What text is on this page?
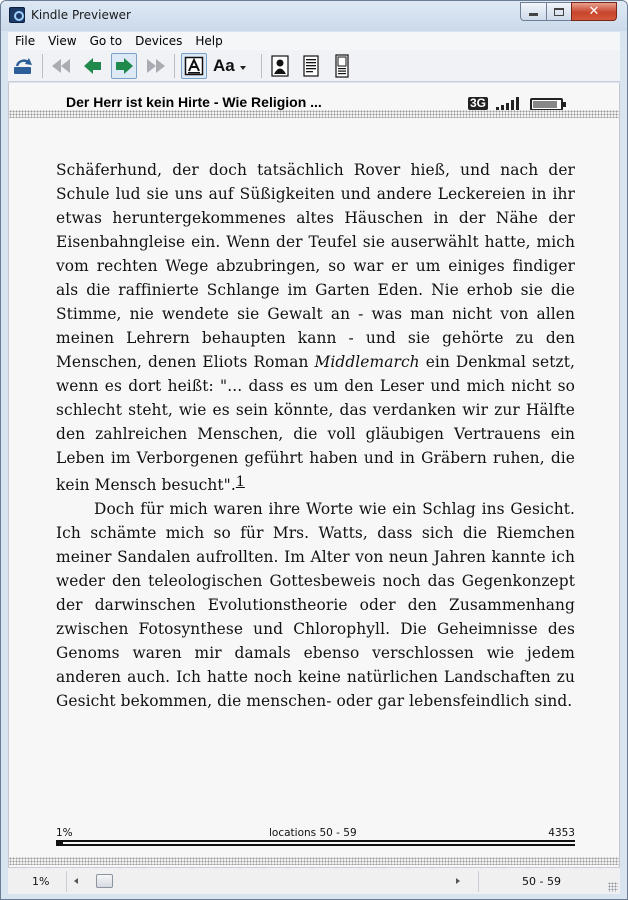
Kindle Previewer	✕
File View Go to Devices Help
Aa
Der Herr ist kein Hirte - Wie Religion ...	3G

Schäferhund, der doch tatsächlich Rover hieß, und nach der Schule lud sie uns auf Süßigkeiten und andere Leckereien in ihr etwas heruntergekommenes altes Häuschen in der Nähe der Eisenbahngleise ein. Wenn der Teufel sie auserwählt hatte, mich vom rechten Wege abzubringen, so war er um einiges findiger als die raffinierte Schlange im Garten Eden. Nie erhob sie die Stimme, nie wendete sie Gewalt an - was man nicht von allen meinen Lehrern behaupten kann - und sie gehörte zu den Menschen, denen Eliots Roman Middlemarch ein Denkmal setzt, wenn es dort heißt: "... dass es um den Leser und mich nicht so schlecht steht, wie es sein könnte, das verdanken wir zur Hälfte den zahlreichen Menschen, die voll gläubigen Vertrauens ein Leben im Verborgenen geführt haben und in Gräbern ruhen, die kein Mensch besucht".1

Doch für mich waren ihre Worte wie ein Schlag ins Gesicht. Ich schämte mich so für Mrs. Watts, dass sich die Riemchen meiner Sandalen aufrollten. Im Alter von neun Jahren kannte ich weder den teleologischen Gottesbeweis noch das Gegenkonzept der darwinschen Evolutionstheorie oder den Zusammenhang zwischen Fotosynthese und Chlorophyll. Die Geheimnisse des Genoms waren mir damals ebenso verschlossen wie jedem anderen auch. Ich hatte noch keine natürlichen Landschaften zu Gesicht bekommen, die menschen- oder gar lebensfeindlich sind.

1%	locations 50 - 59	4353
1%	50 - 59
